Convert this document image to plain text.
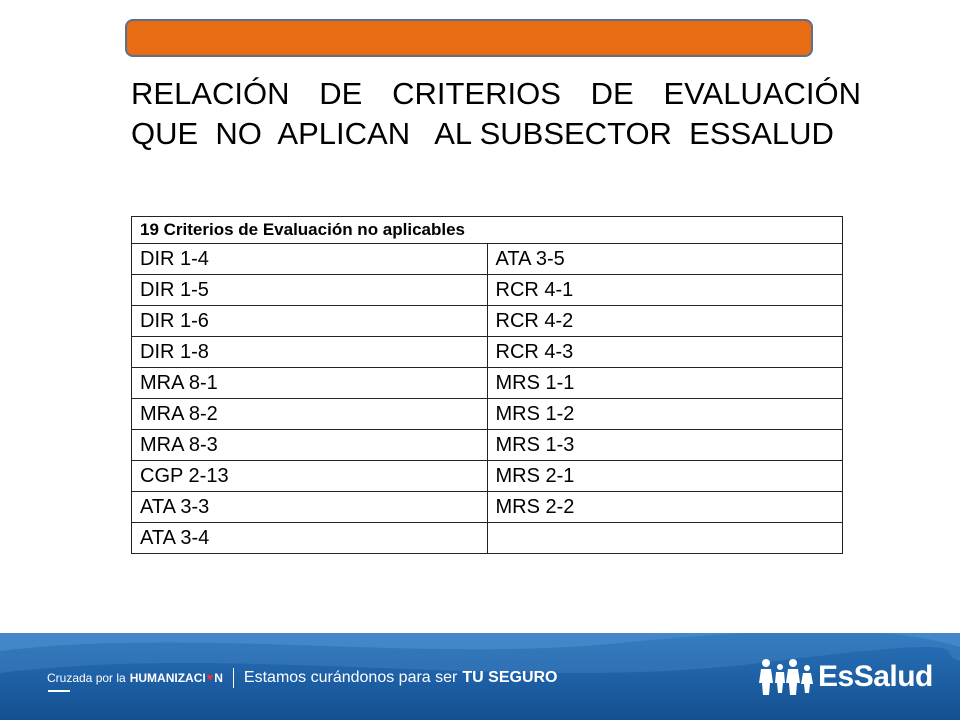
RELACIÓN DE CRITERIOS DE EVALUACIÓN
QUE  NO  APLICAN   AL SUBSECTOR  ESSALUD
19 Criterios de Evaluación no aplicables	
DIR 1-4	ATA 3-5
DIR 1-5	RCR 4-1
DIR 1-6	RCR 4-2
DIR 1-8	RCR 4-3
MRA 8-1	MRS 1-1
MRA 8-2	MRS 1-2
MRA 8-3	MRS 1-3
CGP 2-13	MRS 2-1
ATA 3-3	MRS 2-2
ATA 3-4	
Cruzada por la HUMANIZACI ♥ N Estamos curándonos para ser TU SEGURO	EsSalud
